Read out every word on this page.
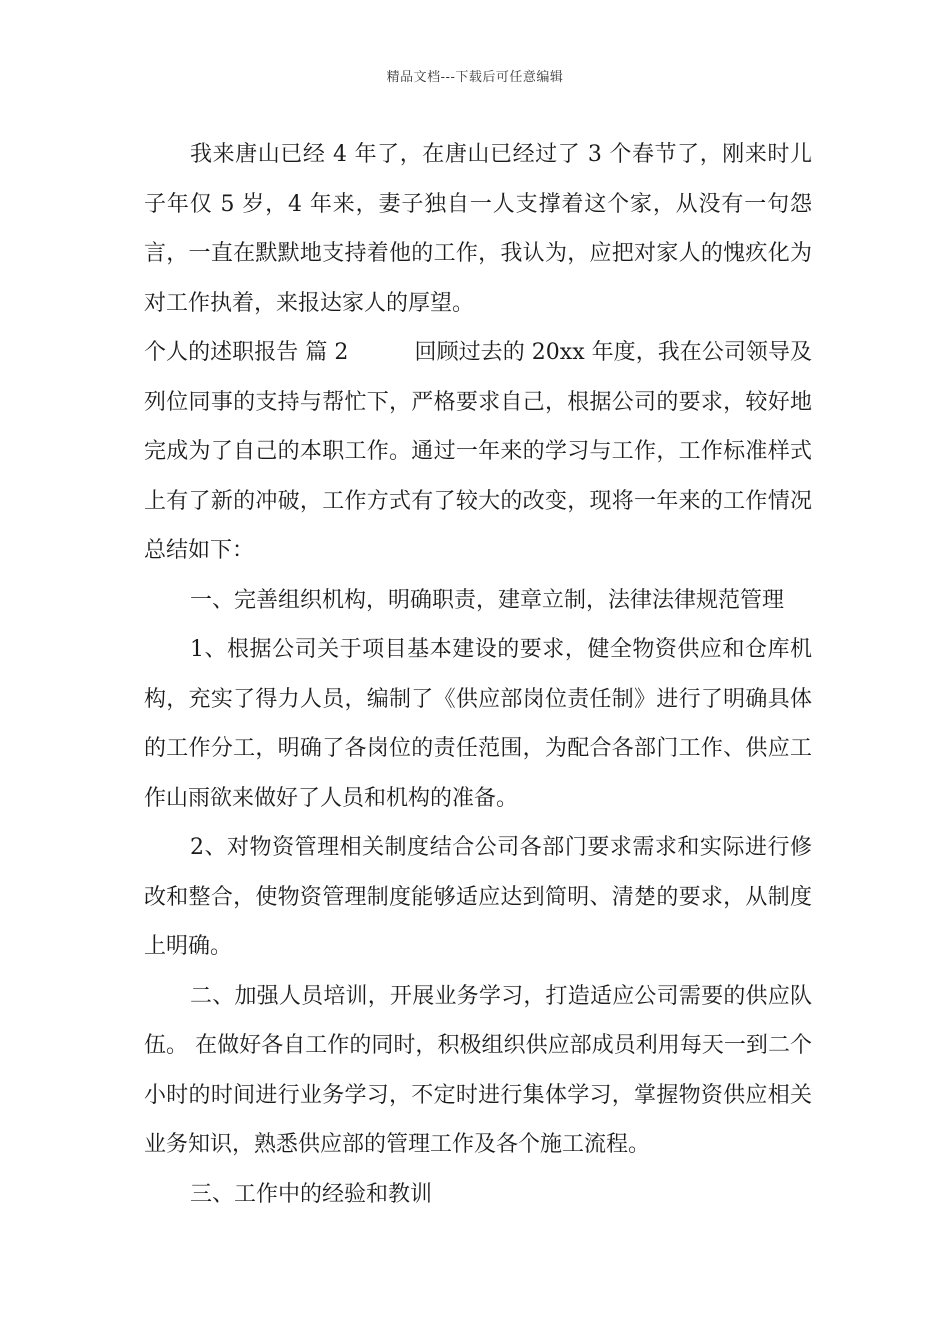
精品文档---下载后可任意编辑

我来唐山已经 4 年了，在唐山已经过了 3 个春节了，刚来时儿子年仅 5 岁，4 年来，妻子独自一人支撑着这个家，从没有一句怨言，一直在默默地支持着他的工作，我认为，应把对家人的愧疚化为对工作执着，来报达家人的厚望。

个人的述职报告 篇 2　　　回顾过去的 20xx 年度，我在公司领导及列位同事的支持与帮忙下，严格要求自己，根据公司的要求，较好地完成为了自己的本职工作。通过一年来的学习与工作，工作标准样式上有了新的冲破，工作方式有了较大的改变，现将一年来的工作情况总结如下：

一、完善组织机构，明确职责，建章立制，法律法律规范管理

1、根据公司关于项目基本建设的要求，健全物资供应和仓库机构，充实了得力人员，编制了《供应部岗位责任制》进行了明确具体的工作分工，明确了各岗位的责任范围，为配合各部门工作、供应工作山雨欲来做好了人员和机构的准备。

2、对物资管理相关制度结合公司各部门要求需求和实际进行修改和整合，使物资管理制度能够适应达到简明、清楚的要求，从制度上明确。

二、加强人员培训，开展业务学习，打造适应公司需要的供应队伍。 在做好各自工作的同时，积极组织供应部成员利用每天一到二个小时的时间进行业务学习，不定时进行集体学习，掌握物资供应相关业务知识，熟悉供应部的管理工作及各个施工流程。

三、工作中的经验和教训
